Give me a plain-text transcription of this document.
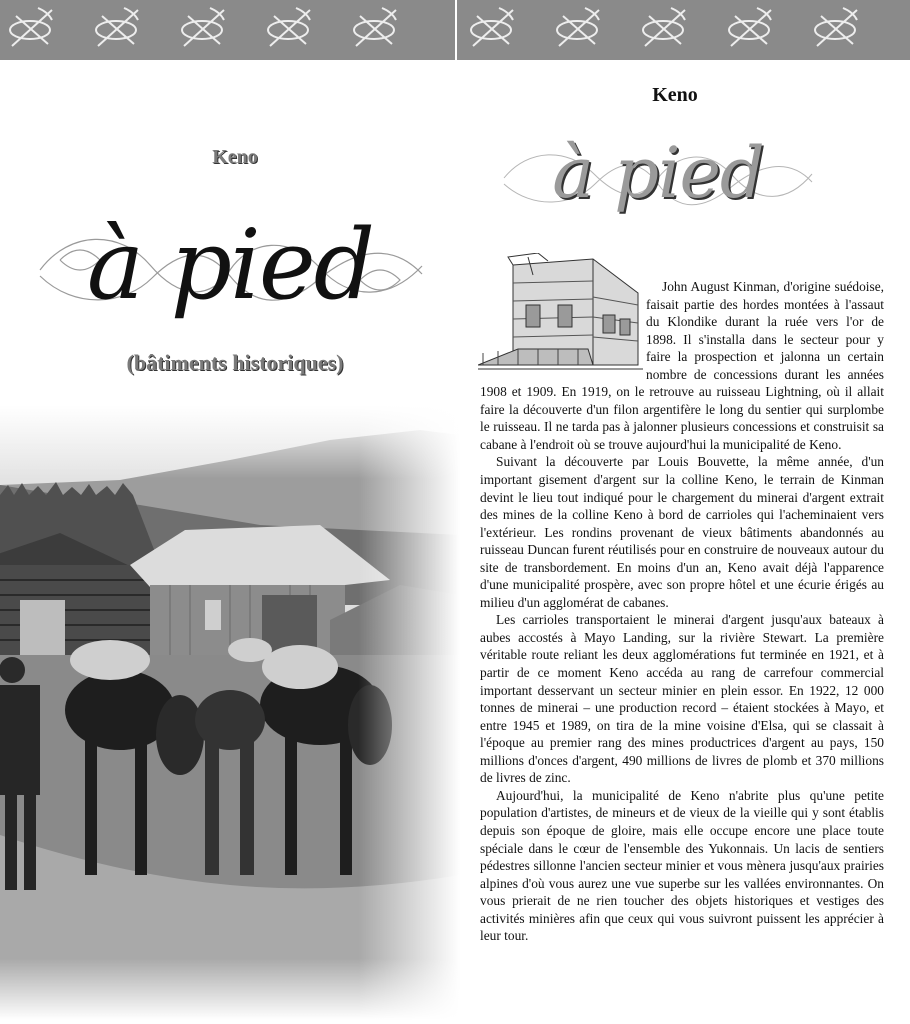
Keno
à pied
(bâtiments historiques)
Keno
à pied

John August Kinman, d'origine suédoise, faisait partie des hordes montées à l'assaut du Klondike durant la ruée vers l'or de 1898. Il s'installa dans le secteur pour y faire la prospection et jalonna un certain nombre de concessions durant les années 1908 et 1909. En 1919, on le retrouve au ruisseau Lightning, où il allait faire la découverte d'un filon argentifère le long du sentier qui surplombe le ruisseau. Il ne tarda pas à jalonner plusieurs concessions et construisit sa cabane à l'endroit où se trouve aujourd'hui la municipalité de Keno.

Suivant la découverte par Louis Bouvette, la même année, d'un important gisement d'argent sur la colline Keno, le terrain de Kinman devint le lieu tout indiqué pour le chargement du minerai d'argent extrait des mines de la colline Keno à bord de carrioles qui l'acheminaient vers l'extérieur. Les rondins provenant de vieux bâtiments abandonnés au ruisseau Duncan furent réutilisés pour en construire de nouveaux autour du site de transbordement. En moins d'un an, Keno avait déjà l'apparence d'une municipalité prospère, avec son propre hôtel et une écurie érigés au milieu d'un agglomérat de cabanes.

Les carrioles transportaient le minerai d'argent jusqu'aux bateaux à aubes accostés à Mayo Landing, sur la rivière Stewart. La première véritable route reliant les deux agglomérations fut terminée en 1921, et à partir de ce moment Keno accéda au rang de carrefour commercial important desservant un secteur minier en plein essor. En 1922, 12 000 tonnes de minerai – une production record – étaient stockées à Mayo, et entre 1945 et 1989, on tira de la mine voisine d'Elsa, qui se classait à l'époque au premier rang des mines productrices d'argent au pays, 150 millions d'onces d'argent, 490 millions de livres de plomb et 370 millions de livres de zinc.

Aujourd'hui, la municipalité de Keno n'abrite plus qu'une petite population d'artistes, de mineurs et de vieux de la vieille qui y sont établis depuis son époque de gloire, mais elle occupe encore une place toute spéciale dans le cœur de l'ensemble des Yukonnais. Un lacis de sentiers pédestres sillonne l'ancien secteur minier et vous mènera jusqu'aux prairies alpines d'où vous aurez une vue superbe sur les vallées environnantes. On vous prierait de ne rien toucher des objets historiques et vestiges des activités minières afin que ceux qui vous suivront puissent les apprécier à leur tour.
